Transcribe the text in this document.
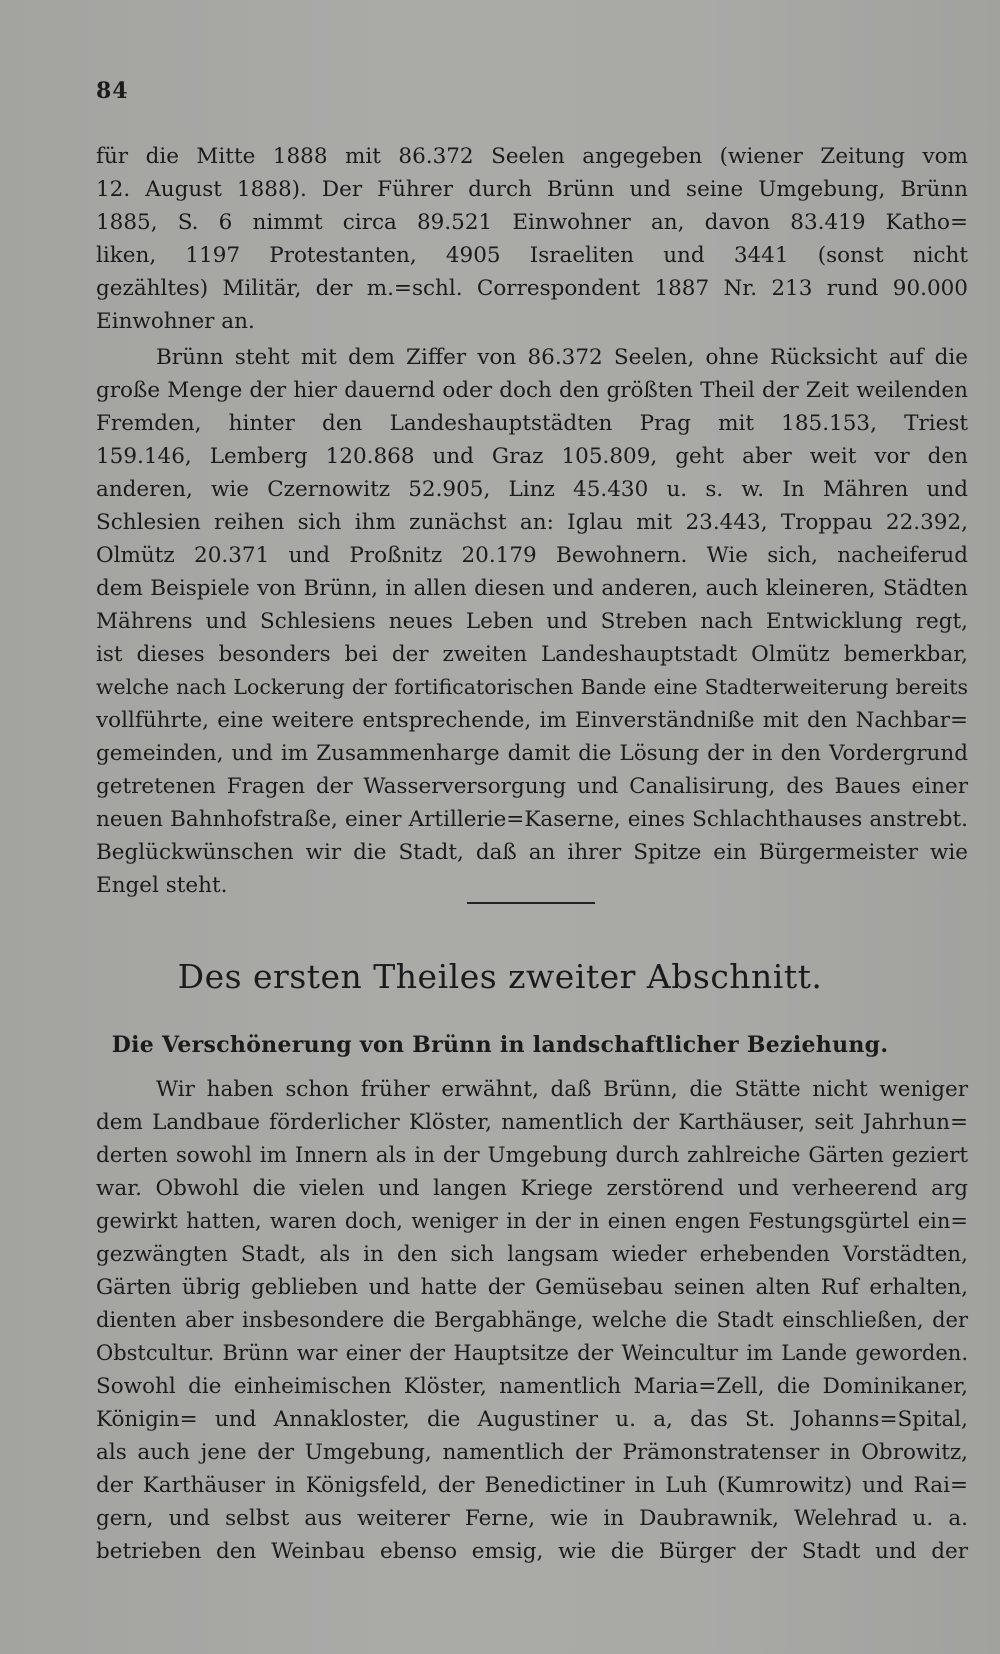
84
für die Mitte 1888 mit 86.372 Seelen angegeben (wiener Zeitung vom
12. August 1888). Der Führer durch Brünn und seine Umgebung, Brünn
1885, S. 6 nimmt circa 89.521 Einwohner an, davon 83.419 Katho=
liken, 1197 Protestanten, 4905 Israeliten und 3441 (sonst nicht
gezähltes) Militär, der m.=schl. Correspondent 1887 Nr. 213 rund 90.000
Einwohner an.
Brünn steht mit dem Ziffer von 86.372 Seelen, ohne Rücksicht auf die
große Menge der hier dauernd oder doch den größten Theil der Zeit weilenden
Fremden, hinter den Landeshauptstädten Prag mit 185.153, Triest
159.146, Lemberg 120.868 und Graz 105.809, geht aber weit vor den
anderen, wie Czernowitz 52.905, Linz 45.430 u. s. w. In Mähren und
Schlesien reihen sich ihm zunächst an: Iglau mit 23.443, Troppau 22.392,
Olmütz 20.371 und Proßnitz 20.179 Bewohnern. Wie sich, nacheiferud
dem Beispiele von Brünn, in allen diesen und anderen, auch kleineren, Städten
Mährens und Schlesiens neues Leben und Streben nach Entwicklung regt,
ist dieses besonders bei der zweiten Landeshauptstadt Olmütz bemerkbar,
welche nach Lockerung der fortificatorischen Bande eine Stadterweiterung bereits
vollführte, eine weitere entsprechende, im Einverständniße mit den Nachbar=
gemeinden, und im Zusammenharge damit die Lösung der in den Vordergrund
getretenen Fragen der Wasserversorgung und Canalisirung, des Baues einer
neuen Bahnhofstraße, einer Artillerie=Kaserne, eines Schlachthauses anstrebt.
Beglückwünschen wir die Stadt, daß an ihrer Spitze ein Bürgermeister wie
Engel steht.
Des ersten Theiles zweiter Abschnitt.
Die Verschönerung von Brünn in landschaftlicher Beziehung.
Wir haben schon früher erwähnt, daß Brünn, die Stätte nicht weniger
dem Landbaue förderlicher Klöster, namentlich der Karthäuser, seit Jahrhun=
derten sowohl im Innern als in der Umgebung durch zahlreiche Gärten geziert
war. Obwohl die vielen und langen Kriege zerstörend und verheerend arg
gewirkt hatten, waren doch, weniger in der in einen engen Festungsgürtel ein=
gezwängten Stadt, als in den sich langsam wieder erhebenden Vorstädten,
Gärten übrig geblieben und hatte der Gemüsebau seinen alten Ruf erhalten,
dienten aber insbesondere die Bergabhänge, welche die Stadt einschließen, der
Obstcultur. Brünn war einer der Hauptsitze der Weincultur im Lande geworden.
Sowohl die einheimischen Klöster, namentlich Maria=Zell, die Dominikaner,
Königin= und Annakloster, die Augustiner u. a, das St. Johanns=Spital,
als auch jene der Umgebung, namentlich der Prämonstratenser in Obrowitz,
der Karthäuser in Königsfeld, der Benedictiner in Luh (Kumrowitz) und Rai=
gern, und selbst aus weiterer Ferne, wie in Daubrawnik, Welehrad u. a.
betrieben den Weinbau ebenso emsig, wie die Bürger der Stadt und der
